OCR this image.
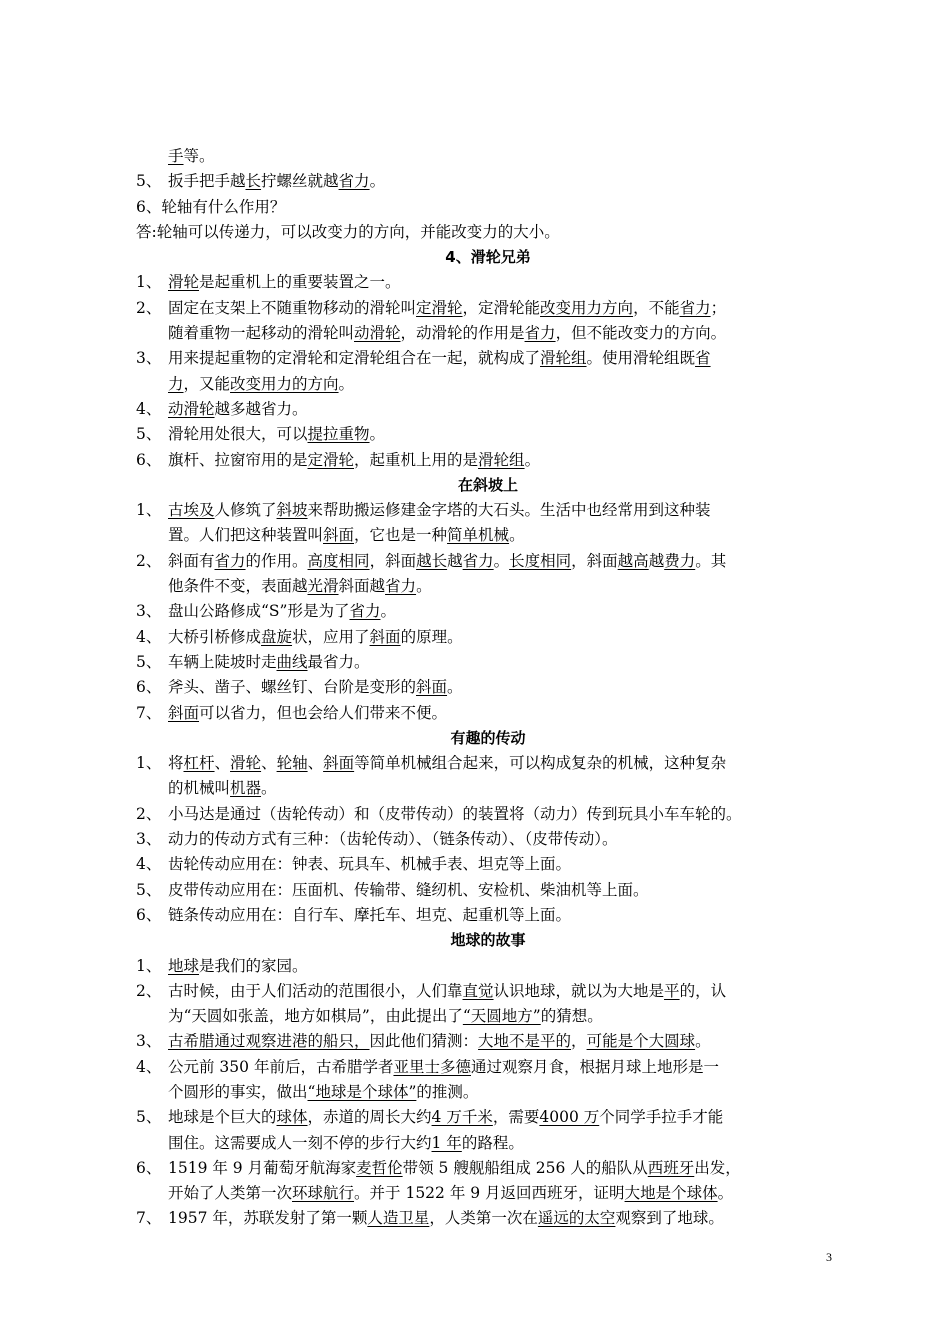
手等。
5、 扳手把手越长拧螺丝就越省力。
6、轮轴有什么作用？
答:轮轴可以传递力，可以改变力的方向，并能改变力的大小。
4、滑轮兄弟
1、 滑轮是起重机上的重要装置之一。
2、 固定在支架上不随重物移动的滑轮叫定滑轮，定滑轮能改变用力方向，不能省力；
随着重物一起移动的滑轮叫动滑轮，动滑轮的作用是省力，但不能改变力的方向。
3、 用来提起重物的定滑轮和定滑轮组合在一起，就构成了滑轮组。使用滑轮组既省
力，又能改变用力的方向。
4、 动滑轮越多越省力。
5、 滑轮用处很大，可以提拉重物。
6、 旗杆、拉窗帘用的是定滑轮，起重机上用的是滑轮组。
在斜坡上
1、 古埃及人修筑了斜坡来帮助搬运修建金字塔的大石头。生活中也经常用到这种装
置。人们把这种装置叫斜面，它也是一种简单机械。
2、 斜面有省力的作用。高度相同，斜面越长越省力。长度相同，斜面越高越费力。其
他条件不变，表面越光滑斜面越省力。
3、 盘山公路修成“S”形是为了省力。
4、 大桥引桥修成盘旋状，应用了斜面的原理。
5、 车辆上陡坡时走曲线最省力。
6、 斧头、凿子、螺丝钉、台阶是变形的斜面。
7、 斜面可以省力，但也会给人们带来不便。
有趣的传动
1、 将杠杆、滑轮、轮轴、斜面等简单机械组合起来，可以构成复杂的机械，这种复杂
的机械叫机器。
2、 小马达是通过（齿轮传动）和（皮带传动）的装置将（动力）传到玩具小车车轮的。
3、 动力的传动方式有三种：（齿轮传动）、（链条传动）、（皮带传动）。
4、 齿轮传动应用在：钟表、玩具车、机械手表、坦克等上面。
5、 皮带传动应用在：压面机、传输带、缝纫机、安检机、柴油机等上面。
6、 链条传动应用在：自行车、摩托车、坦克、起重机等上面。
地球的故事
1、 地球是我们的家园。
2、 古时候，由于人们活动的范围很小，人们靠直觉认识地球，就以为大地是平的，认
为“天圆如张盖，地方如棋局”，由此提出了“天圆地方”的猜想。
3、 古希腊通过观察进港的船只，因此他们猜测：大地不是平的，可能是个大圆球。
4、 公元前 350 年前后，古希腊学者亚里士多德通过观察月食，根据月球上地形是一
个圆形的事实，做出“地球是个球体”的推测。
5、 地球是个巨大的球体，赤道的周长大约4 万千米，需要4000 万个同学手拉手才能
围住。这需要成人一刻不停的步行大约1 年的路程。
6、 1519 年 9 月葡萄牙航海家麦哲伦带领 5 艘舰船组成 256 人的船队从西班牙出发，
开始了人类第一次环球航行。并于 1522 年 9 月返回西班牙，证明大地是个球体。
7、 1957 年，苏联发射了第一颗人造卫星，人类第一次在遥远的太空观察到了地球。
3
